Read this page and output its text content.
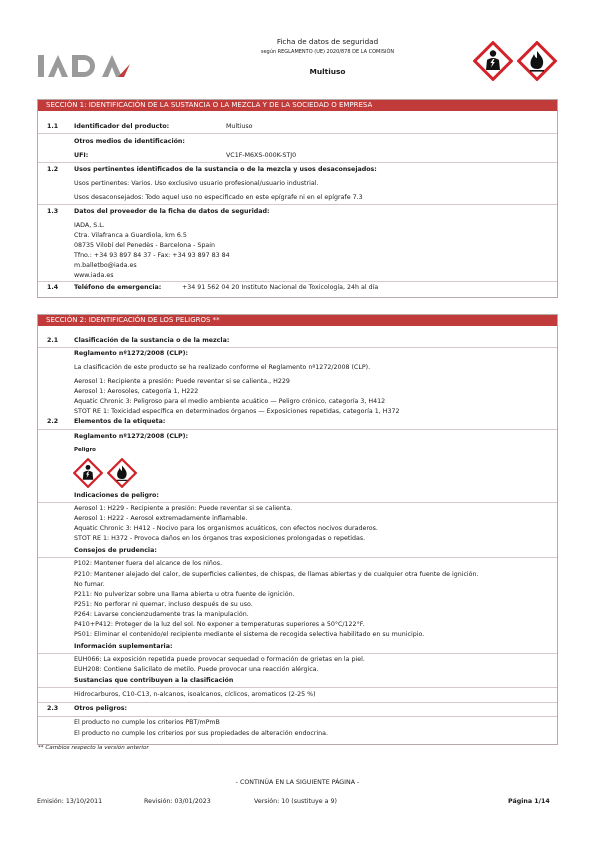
Ficha de datos de seguridad
según REGLAMENTO (UE) 2020/878 DE LA COMISIÓN
Multiuso
SECCIÓN 1: IDENTIFICACIÓN DE LA SUSTANCIA O LA MEZCLA Y DE LA SOCIEDAD O EMPRESA
1.1	Identificador del producto:	Multiuso
Otros medios de identificación:
UFI:	VC1F-M6XS-000K-STJ0
1.2	Usos pertinentes identificados de la sustancia o de la mezcla y usos desaconsejados:
Usos pertinentes: Varios. Uso exclusivo usuario profesional/usuario industrial.
Usos desaconsejados: Todo aquel uso no especificado en este epígrafe ni en el epígrafe 7.3
1.3	Datos del proveedor de la ficha de datos de seguridad:
IADA, S.L.
Ctra. Vilafranca a Guardiola, km 6.5
08735 Vilobí del Penedès - Barcelona - Spain
Tfno.: +34 93 897 84 37 - Fax: +34 93 897 83 84
m.balletbo@iada.es
www.iada.es
1.4	Teléfono de emergencia:	+34 91 562 04 20 Instituto Nacional de Toxicología, 24h al día
SECCIÓN 2: IDENTIFICACIÓN DE LOS PELIGROS **
2.1	Clasificación de la sustancia o de la mezcla:
Reglamento nº1272/2008 (CLP):
La clasificación de este producto se ha realizado conforme el Reglamento nº1272/2008 (CLP).
Aerosol 1: Recipiente a presión: Puede reventar si se calienta., H229
Aerosol 1: Aerosoles, categoría 1, H222
Aquatic Chronic 3: Peligroso para el medio ambiente acuático — Peligro crónico, categoría 3, H412
STOT RE 1: Toxicidad específica en determinados órganos — Exposiciones repetidas, categoría 1, H372
2.2	Elementos de la etiqueta:
Reglamento nº1272/2008 (CLP):
Peligro
Indicaciones de peligro:
Aerosol 1: H229 - Recipiente a presión: Puede reventar si se calienta.
Aerosol 1: H222 - Aerosol extremadamente inflamable.
Aquatic Chronic 3: H412 - Nocivo para los organismos acuáticos, con efectos nocivos duraderos.
STOT RE 1: H372 - Provoca daños en los órganos tras exposiciones prolongadas o repetidas.
Consejos de prudencia:
P102: Mantener fuera del alcance de los niños.
P210: Mantener alejado del calor, de superficies calientes, de chispas, de llamas abiertas y de cualquier otra fuente de ignición.
No fumar.
P211: No pulverizar sobre una llama abierta u otra fuente de ignición.
P251: No perforar ni quemar, incluso después de su uso.
P264: Lavarse concienzudamente tras la manipulación.
P410+P412: Proteger de la luz del sol. No exponer a temperaturas superiores a 50°C/122°F.
P501: Eliminar el contenido/el recipiente mediante el sistema de recogida selectiva habilitado en su municipio.
Información suplementaria:
EUH066: La exposición repetida puede provocar sequedad o formación de grietas en la piel.
EUH208: Contiene Salicilato de metilo. Puede provocar una reacción alérgica.
Sustancias que contribuyen a la clasificación
Hidrocarburos, C10-C13, n-alcanos, isoalcanos, cíclicos, aromaticos (2-25 %)
2.3	Otros peligros:
El producto no cumple los criterios PBT/mPmB
El producto no cumple los criterios por sus propiedades de alteración endocrina.
** Cambios respecto la versión anterior
- CONTINÚA EN LA SIGUIENTE PÁGINA -
Emisión: 13/10/2011	Revisión: 03/01/2023	Versión: 10 (sustituye a 9)	Página 1/14
